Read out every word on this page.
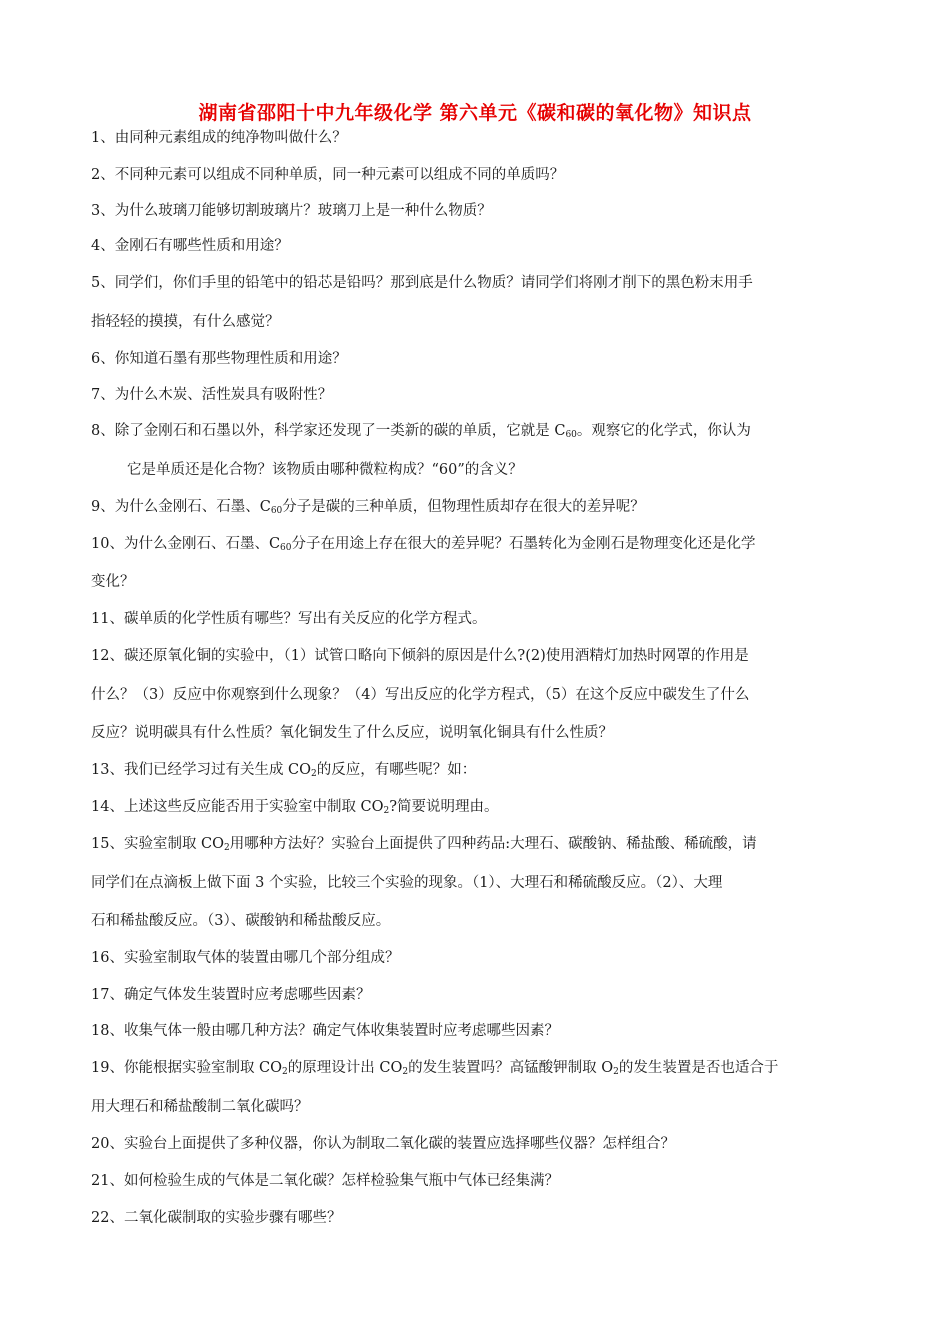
湖南省邵阳十中九年级化学 第六单元《碳和碳的氧化物》知识点
1、由同种元素组成的纯净物叫做什么？
2、不同种元素可以组成不同种单质，同一种元素可以组成不同的单质吗？
3、为什么玻璃刀能够切割玻璃片？玻璃刀上是一种什么物质？
4、金刚石有哪些性质和用途？
5、同学们，你们手里的铅笔中的铅芯是铅吗？那到底是什么物质？请同学们将刚才削下的黑色粉末用手
指轻轻的摸摸，有什么感觉？
6、你知道石墨有那些物理性质和用途？
7、为什么木炭、活性炭具有吸附性？
8、除了金刚石和石墨以外，科学家还发现了一类新的碳的单质，它就是 $C_{60}$。观察它的化学式，你认为
它是单质还是化合物？该物质由哪种微粒构成？“60”的含义？
9、为什么金刚石、石墨、$C_{60}$分子是碳的三种单质，但物理性质却存在很大的差异呢？
10、为什么金刚石、石墨、$C_{60}$分子在用途上存在很大的差异呢？石墨转化为金刚石是物理变化还是化学
变化？
11、碳单质的化学性质有哪些？写出有关反应的化学方程式。
12、碳还原氧化铜的实验中，（1）试管口略向下倾斜的原因是什么?(2)使用酒精灯加热时网罩的作用是
什么？（3）反应中你观察到什么现象？（4）写出反应的化学方程式，（5）在这个反应中碳发生了什么
反应？说明碳具有什么性质？氧化铜发生了什么反应，说明氧化铜具有什么性质？
13、我们已经学习过有关生成 $CO_2$的反应，有哪些呢？如：
14、上述这些反应能否用于实验室中制取 $CO_2$?简要说明理由。
15、实验室制取 $CO_2$用哪种方法好？实验台上面提供了四种药品:大理石、碳酸钠、稀盐酸、稀硫酸，请
同学们在点滴板上做下面 3 个实验，比较三个实验的现象。（1）、大理石和稀硫酸反应。（2）、大理
石和稀盐酸反应。（3）、碳酸钠和稀盐酸反应。
16、实验室制取气体的装置由哪几个部分组成？
17、确定气体发生装置时应考虑哪些因素？
18、收集气体一般由哪几种方法？确定气体收集装置时应考虑哪些因素？
19、你能根据实验室制取 $CO_2$的原理设计出 $CO_2$的发生装置吗？高锰酸钾制取 $O_2$的发生装置是否也适合于
用大理石和稀盐酸制二氧化碳吗？
20、实验台上面提供了多种仪器，你认为制取二氧化碳的装置应选择哪些仪器？怎样组合？
21、如何检验生成的气体是二氧化碳？怎样检验集气瓶中气体已经集满？
22、二氧化碳制取的实验步骤有哪些？
